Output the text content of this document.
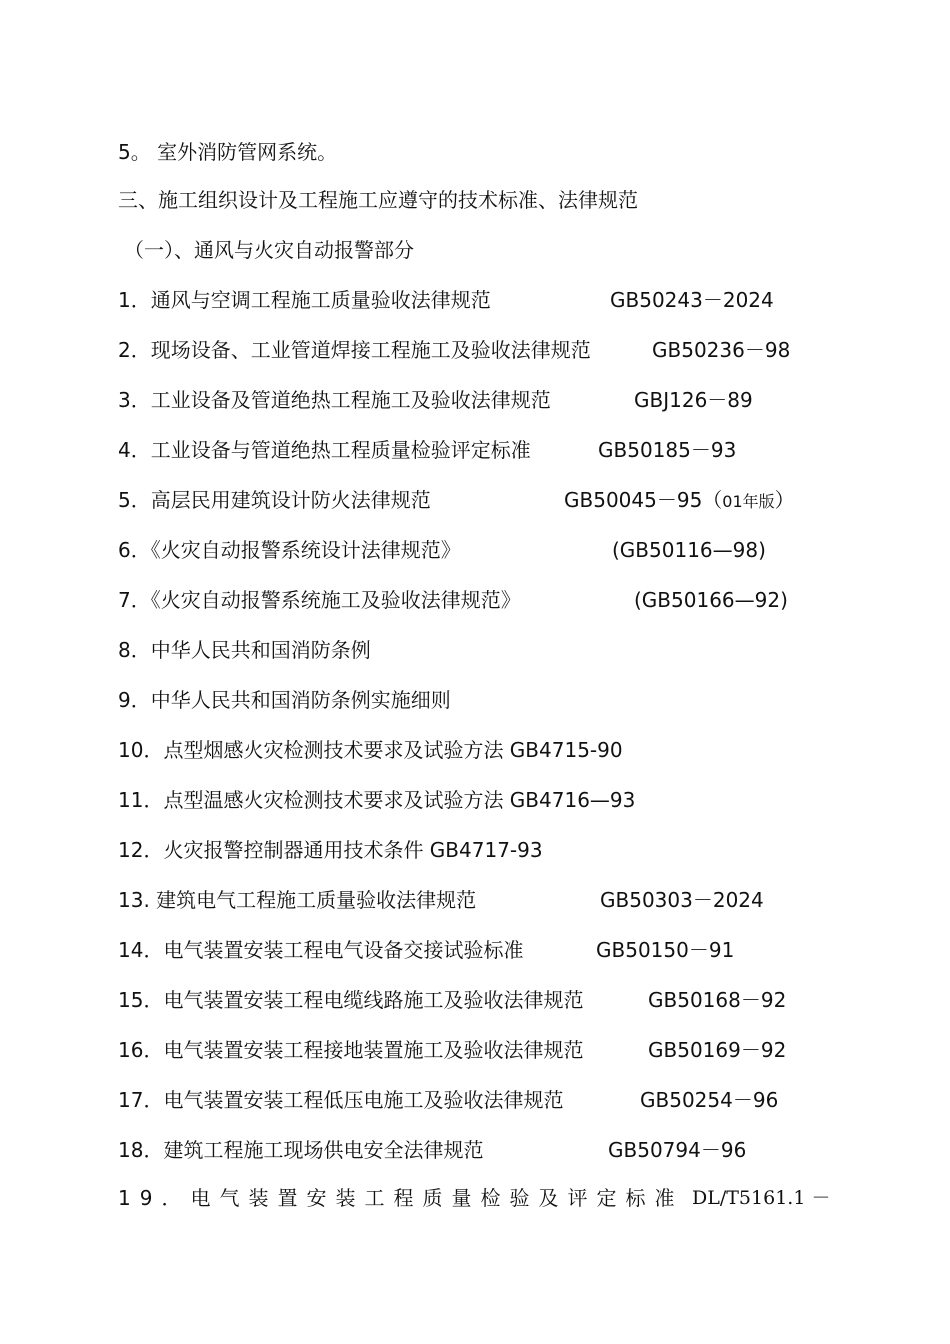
5。 室外消防管网系统。
三、施工组织设计及工程施工应遵守的技术标准、法律规范
（一）、通风与火灾自动报警部分
1．通风与空调工程施工质量验收法律规范	GB50243－2024
2．现场设备、工业管道焊接工程施工及验收法律规范	GB50236－98
3．工业设备及管道绝热工程施工及验收法律规范	GBJ126－89
4．工业设备与管道绝热工程质量检验评定标准	GB50185－93
5．高层民用建筑设计防火法律规范	GB50045－95（01年版）
6．《火灾自动报警系统设计法律规范》	(GB50116—98)
7．《火灾自动报警系统施工及验收法律规范》	(GB50166—92)
8．中华人民共和国消防条例
9．中华人民共和国消防条例实施细则
10．点型烟感火灾检测技术要求及试验方法 GB4715-90
11．点型温感火灾检测技术要求及试验方法 GB4716—93
12．火灾报警控制器通用技术条件 GB4717-93
13. 建筑电气工程施工质量验收法律规范	GB50303－2024
14．电气装置安装工程电气设备交接试验标准	GB50150－91
15．电气装置安装工程电缆线路施工及验收法律规范	GB50168－92
16．电气装置安装工程接地装置施工及验收法律规范	GB50169－92
17．电气装置安装工程低压电施工及验收法律规范	GB50254－96
18．建筑工程施工现场供电安全法律规范	GB50794－96
19．电气装置安装工程质量检验及评定标准 DL/T5161.1 －
